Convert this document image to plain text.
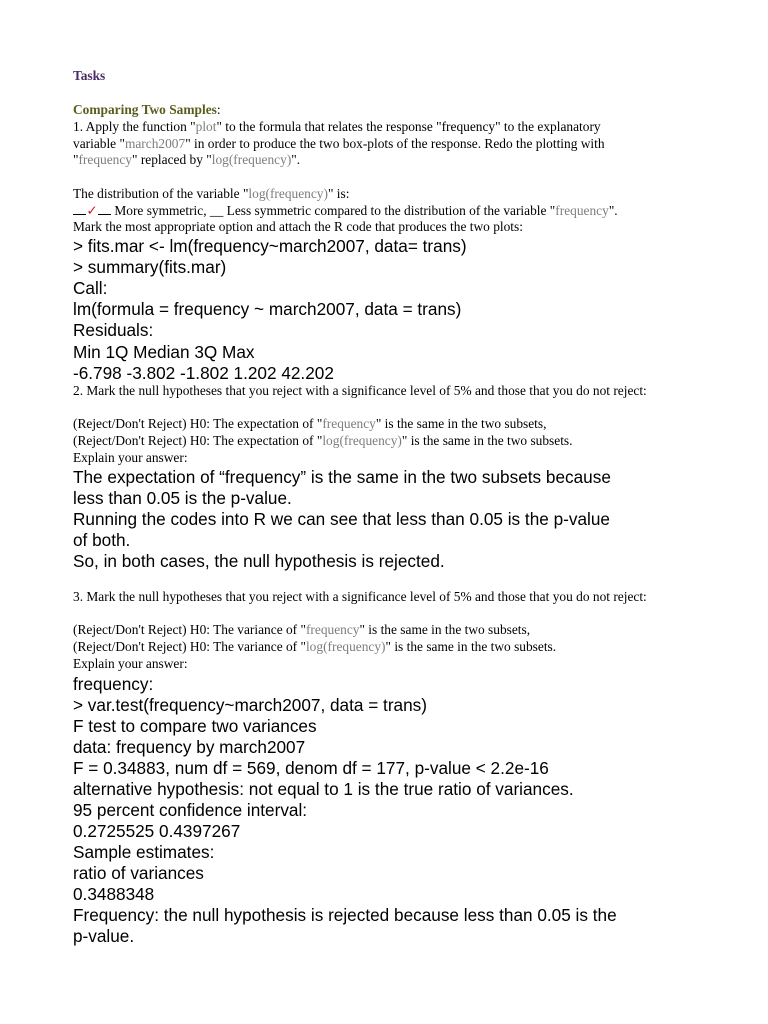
Tasks
Comparing Two Samples:
1. Apply the function "plot" to the formula that relates the response "frequency" to the explanatory
variable "march2007" in order to produce the two box-plots of the response. Redo the plotting with
"frequency" replaced by "log(frequency)".
The distribution of the variable "log(frequency)" is:
✓ More symmetric, __ Less symmetric compared to the distribution of the variable "frequency".
Mark the most appropriate option and attach the R code that produces the two plots:
> fits.mar <- lm(frequency~march2007, data= trans)
> summary(fits.mar)
Call:
lm(formula = frequency ~ march2007, data = trans)
Residuals:
Min 1Q Median 3Q Max
-6.798 -3.802 -1.802 1.202 42.202
2. Mark the null hypotheses that you reject with a significance level of 5% and those that you do not reject:
(Reject/Don't Reject) H0: The expectation of "frequency" is the same in the two subsets,
(Reject/Don't Reject) H0: The expectation of "log(frequency)" is the same in the two subsets.
Explain your answer:
The expectation of “frequency” is the same in the two subsets because
less than 0.05 is the p-value.
Running the codes into R we can see that less than 0.05 is the p-value
of both.
So, in both cases, the null hypothesis is rejected.
3. Mark the null hypotheses that you reject with a significance level of 5% and those that you do not reject:
(Reject/Don't Reject) H0: The variance of "frequency" is the same in the two subsets,
(Reject/Don't Reject) H0: The variance of "log(frequency)" is the same in the two subsets.
Explain your answer:
frequency:
> var.test(frequency~march2007, data = trans)
F test to compare two variances
data: frequency by march2007
F = 0.34883, num df = 569, denom df = 177, p-value < 2.2e-16
alternative hypothesis: not equal to 1 is the true ratio of variances.
95 percent confidence interval:
0.2725525 0.4397267
Sample estimates:
ratio of variances
0.3488348
Frequency: the null hypothesis is rejected because less than 0.05 is the
p-value.
